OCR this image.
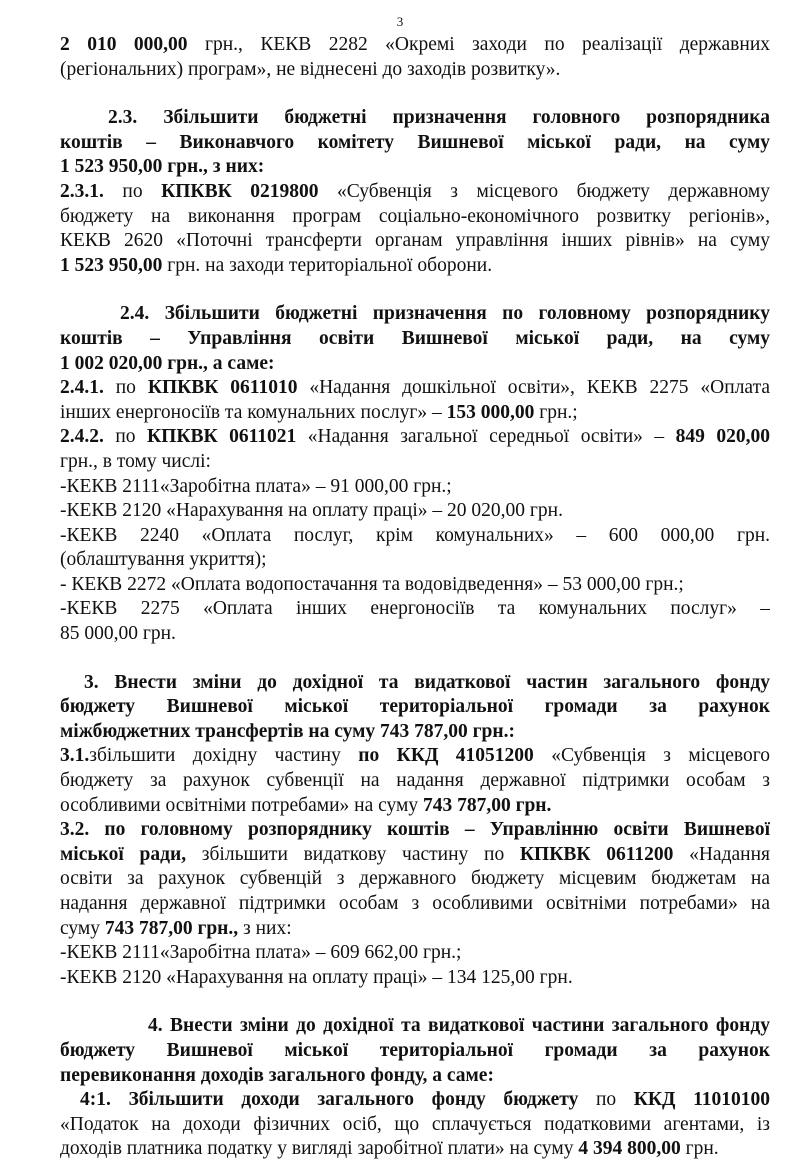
3
2 010 000,00 грн., КЕКВ 2282 «Окремі заходи по реалізації державних
(регіональних) програм», не віднесені до заходів розвитку».
2.3. Збільшити бюджетні призначення головного розпорядника
коштів – Виконавчого комітету Вишневої міської ради, на суму
1 523 950,00 грн., з них:
2.3.1. по КПКВК 0219800 «Субвенція з місцевого бюджету державному
бюджету на виконання програм соціально-економічного розвитку регіонів»,
КЕКВ 2620 «Поточні трансферти органам управління інших рівнів» на суму
1 523 950,00 грн. на заходи територіальної оборони.
2.4. Збільшити бюджетні призначення по головному розпоряднику
коштів – Управління освіти Вишневої міської ради, на суму
1 002 020,00 грн., а саме:
2.4.1. по КПКВК 0611010 «Надання дошкільної освіти», КЕКВ 2275 «Оплата
інших енергоносіїв та комунальних послуг» – 153 000,00 грн.;
2.4.2. по КПКВК 0611021 «Надання загальної середньої освіти» – 849 020,00
грн., в тому числі:
-КЕКВ 2111«Заробітна плата» – 91 000,00 грн.;
-КЕКВ 2120 «Нарахування на оплату праці» – 20 020,00 грн.
-КЕКВ 2240 «Оплата послуг, крім комунальних» – 600 000,00 грн.
(облаштування укриття);
- КЕКВ 2272 «Оплата водопостачання та водовідведення» – 53 000,00 грн.;
-КЕКВ 2275 «Оплата інших енергоносіїв та комунальних послуг» –
85 000,00 грн.
3. Внести зміни до дохідної та видаткової частин загального фонду
бюджету Вишневої міської територіальної громади за рахунок
міжбюджетних трансфертів на суму 743 787,00 грн.:
3.1.збільшити дохідну частину по ККД 41051200 «Субвенція з місцевого
бюджету за рахунок субвенції на надання державної підтримки особам з
особливими освітніми потребами» на суму 743 787,00 грн.
3.2. по головному розпоряднику коштів – Управлінню освіти Вишневої
міської ради, збільшити видаткову частину по КПКВК 0611200 «Надання
освіти за рахунок субвенцій з державного бюджету місцевим бюджетам на
надання державної підтримки особам з особливими освітніми потребами» на
суму 743 787,00 грн., з них:
-КЕКВ 2111«Заробітна плата» – 609 662,00 грн.;
-КЕКВ 2120 «Нарахування на оплату праці» – 134 125,00 грн.
4. Внести зміни до дохідної та видаткової частини загального фонду
бюджету Вишневої міської територіальної громади за рахунок
перевиконання доходів загального фонду, а саме:
4:1. Збільшити доходи загального фонду бюджету по ККД 11010100
«Податок на доходи фізичних осіб, що сплачується податковими агентами, із
доходів платника податку у вигляді заробітної плати» на суму 4 394 800,00 грн.
